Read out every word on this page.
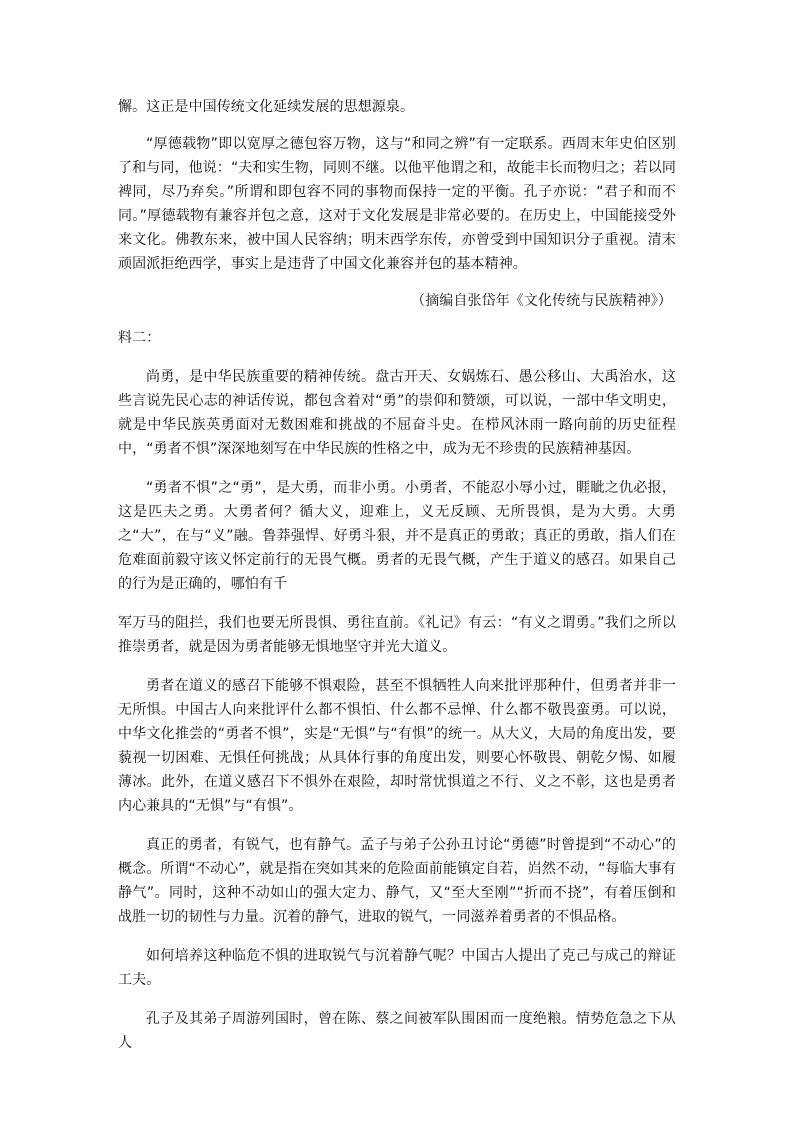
懈。这正是中国传统文化延续发展的思想源泉。

“厚德载物”即以宽厚之德包容万物，这与“和同之辨”有一定联系。西周末年史伯区别了和与同，他说：“夫和实生物，同则不继。以他平他谓之和，故能丰长而物归之；若以同裨同，尽乃弃矣。”所谓和即包容不同的事物而保持一定的平衡。孔子亦说：“君子和而不同。”厚德载物有兼容并包之意，这对于文化发展是非常必要的。在历史上，中国能接受外来文化。佛教东来，被中国人民容纳；明末西学东传，亦曾受到中国知识分子重视。清末顽固派拒绝西学，事实上是违背了中国文化兼容并包的基本精神。

（摘编自张岱年《文化传统与民族精神》）

料二：

尚勇，是中华民族重要的精神传统。盘古开天、女娲炼石、愚公移山、大禹治水，这些言说先民心志的神话传说，都包含着对“勇”的崇仰和赞颂，可以说，一部中华文明史，就是中华民族英勇面对无数困难和挑战的不屈奋斗史。在栉风沐雨一路向前的历史征程中，“勇者不惧”深深地刻写在中华民族的性格之中，成为无不珍贵的民族精神基因。

“勇者不惧”之“勇”，是大勇，而非小勇。小勇者，不能忍小辱小过，睚眦之仇必报，这是匹夫之勇。大勇者何？循大义，迎难上，义无反顾、无所畏惧，是为大勇。大勇之“大”，在与“义”融。鲁莽强悍、好勇斗狠，并不是真正的勇敢；真正的勇敢，指人们在危难面前毅守该义怀定前行的无畏气概。勇者的无畏气概，产生于道义的感召。如果自己的行为是正确的，哪怕有千

军万马的阻拦，我们也要无所畏惧、勇往直前。《礼记》有云：“有义之谓勇。”我们之所以推崇勇者，就是因为勇者能够无惧地坚守并光大道义。

勇者在道义的感召下能够不惧艰险，甚至不惧牺牲人向来批评那种什，但勇者并非一无所惧。中国古人向来批评什么都不惧怕、什么都不忌惮、什么都不敬畏蛮勇。可以说，中华文化推尝的“勇者不惧”，实是“无惧”与“有惧”的统一。从大义，大局的角度出发，要藐视一切困难、无惧任何挑战；从具体行事的角度出发，则要心怀敬畏、朝乾夕惕、如履薄冰。此外，在道义感召下不惧外在艰险，却时常忧惧道之不行、义之不彰，这也是勇者内心兼具的“无惧”与“有惧”。

真正的勇者，有锐气，也有静气。孟子与弟子公孙丑讨论“勇德”时曾提到“不动心”的概念。所谓“不动心”，就是指在突如其来的危险面前能镇定自若，岿然不动，“每临大事有静气”。同时，这种不动如山的强大定力、静气，又“至大至刚”“折而不挠”，有着压倒和战胜一切的韧性与力量。沉着的静气，进取的锐气，一同滋养着勇者的不惧品格。

如何培养这种临危不惧的进取锐气与沉着静气呢？中国古人提出了克己与成己的辩证工夫。

孔子及其弟子周游列国时，曾在陈、蔡之间被军队围困而一度绝粮。情势危急之下从人
